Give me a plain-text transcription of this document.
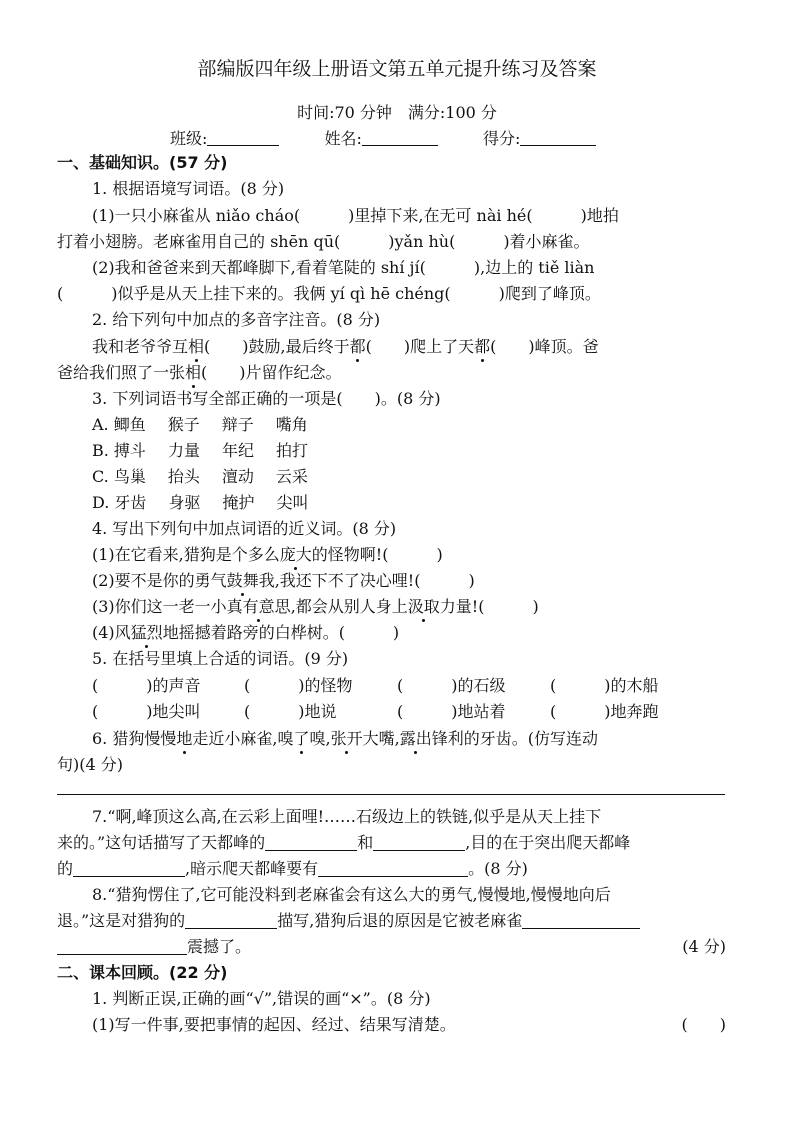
部编版四年级上册语文第五单元提升练习及答案
时间:70 分钟　满分:100 分
班级:	姓名:	得分:
一、基础知识。(57 分)
1. 根据语境写词语。(8 分)
(1)一只小麻雀从 niǎo cháo(　　　)里掉下来,在无可 nài hé(　　　)地拍
打着小翅膀。老麻雀用自己的 shēn qū(　　　)yǎn hù(　　　)着小麻雀。
(2)我和爸爸来到天都峰脚下,看着笔陡的 shí jí(　　　),边上的 tiě liàn
(　　　)似乎是从天上挂下来的。我俩 yí qì hē chéng(　　　)爬到了峰顶。
2. 给下列句中加点的多音字注音。(8 分)
我和老爷爷互相(　　)鼓励,最后终于都(　　)爬上了天都(　　)峰顶。爸
爸给我们照了一张相(　　)片留作纪念。
3. 下列词语书写全部正确的一项是(　　)。(8 分)
A. 鲫鱼 猴子 辩子 嘴角
B. 搏斗 力量 年纪 拍打
C. 鸟巢 抬头 澶动 云采
D. 牙齿 身驱 掩护 尖叫
4. 写出下列句中加点词语的近义词。(8 分)
(1)在它看来,猎狗是个多么庞大的怪物啊!(　　　)
(2)要不是你的勇气鼓舞我,我还下不了决心哩!(　　　)
(3)你们这一老一小真有意思,都会从别人身上汲取力量!(　　　)
(4)风猛烈地摇撼着路旁的白桦树。(　　　)
5. 在括号里填上合适的词语。(9 分)
(　　　)的声音	(　　　)的怪物	(　　　)的石级	(　　　)的木船
(　　　)地尖叫	(　　　)地说	(　　　)地站着	(　　　)地奔跑
6. 猎狗慢慢地走近小麻雀,嗅了嗅,张开大嘴,露出锋利的牙齿。(仿写连动
句)(4 分)
7.“啊,峰顶这么高,在云彩上面哩!……石级边上的铁链,似乎是从天上挂下
来的。”这句话描写了天都峰的	和	,目的在于突出爬天都峰
的	,暗示爬天都峰要有	。(8 分)
8.“猎狗愣住了,它可能没料到老麻雀会有这么大的勇气,慢慢地,慢慢地向后
退。”这是对猎狗的	描写,猎狗后退的原因是它被老麻雀
震撼了。	(4 分)
二、课本回顾。(22 分)
1. 判断正误,正确的画“√”,错误的画“×”。(8 分)
(1)写一件事,要把事情的起因、经过、结果写清楚。	(　　)
